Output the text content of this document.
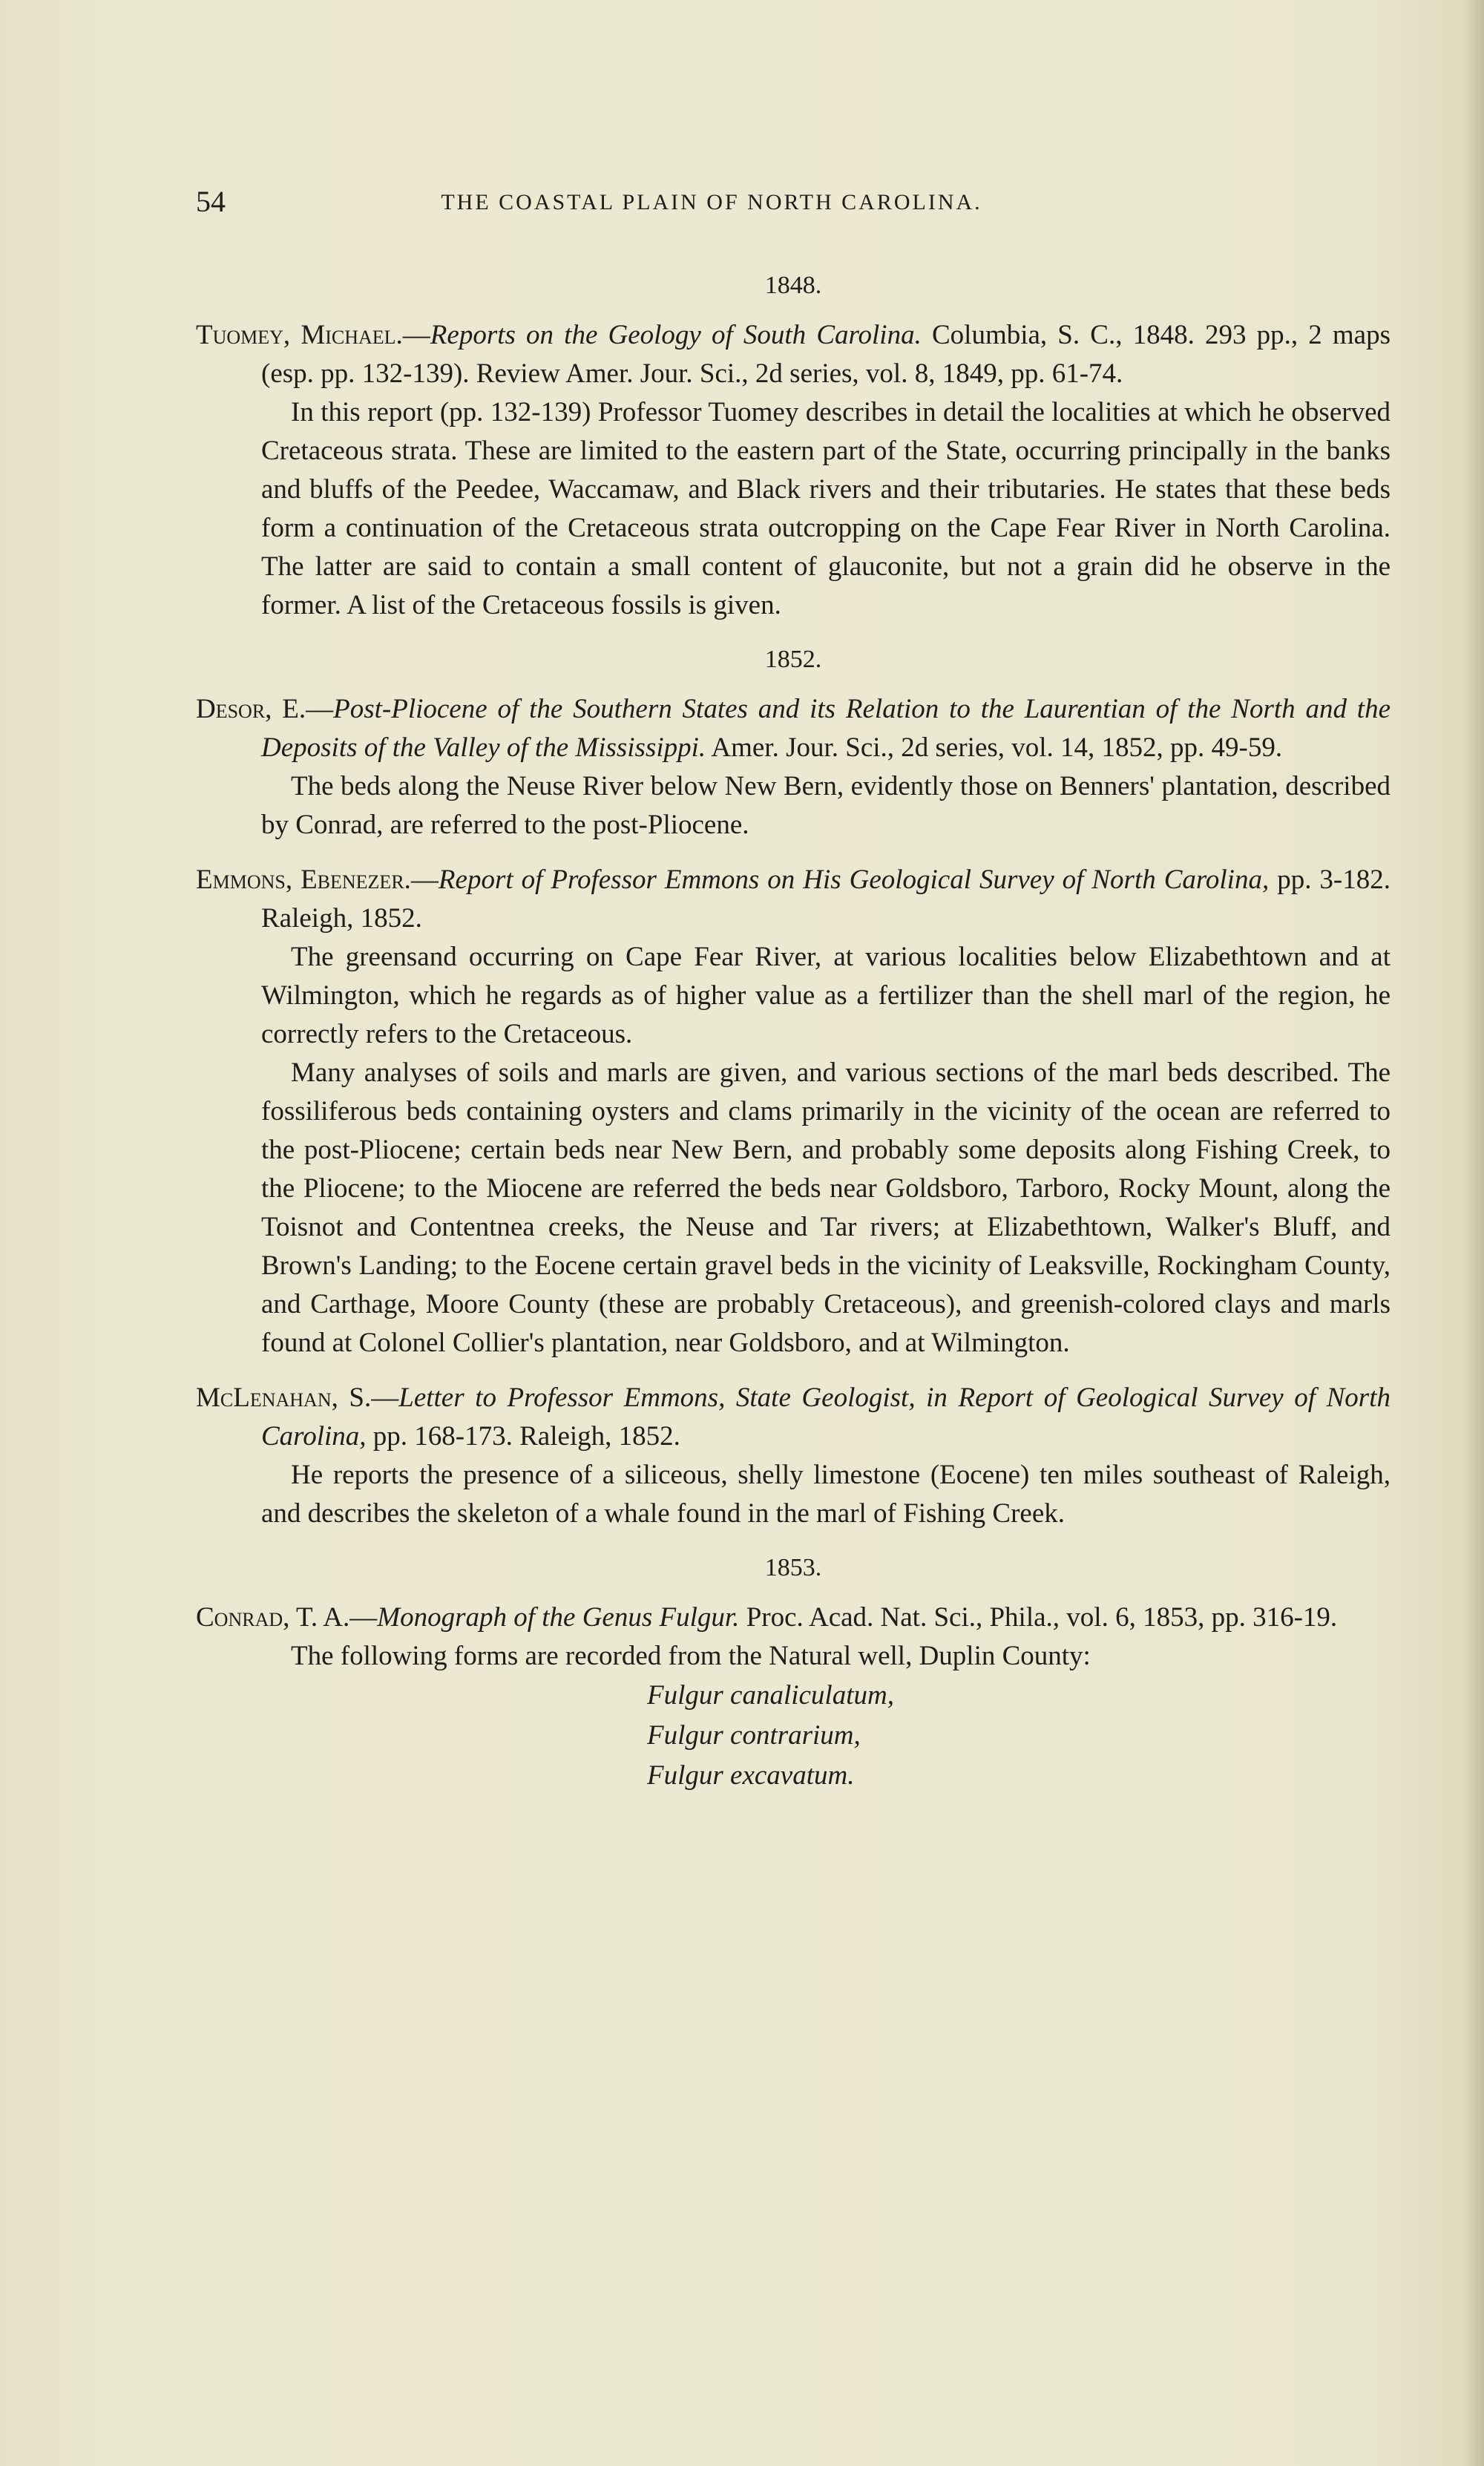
54	THE COASTAL PLAIN OF NORTH CAROLINA.
1848.
Tuomey, Michael.—Reports on the Geology of South Carolina. Columbia, S. C., 1848. 293 pp., 2 maps (esp. pp. 132-139). Review Amer. Jour. Sci., 2d series, vol. 8, 1849, pp. 61-74.
In this report (pp. 132-139) Professor Tuomey describes in detail the localities at which he observed Cretaceous strata. These are limited to the eastern part of the State, occurring principally in the banks and bluffs of the Peedee, Waccamaw, and Black rivers and their tributaries. He states that these beds form a continuation of the Cretaceous strata outcropping on the Cape Fear River in North Carolina. The latter are said to contain a small content of glauconite, but not a grain did he observe in the former. A list of the Cretaceous fossils is given.
1852.
Desor, E.—Post-Pliocene of the Southern States and its Relation to the Laurentian of the North and the Deposits of the Valley of the Mississippi. Amer. Jour. Sci., 2d series, vol. 14, 1852, pp. 49-59.
The beds along the Neuse River below New Bern, evidently those on Benners' plantation, described by Conrad, are referred to the post-Pliocene.
Emmons, Ebenezer.—Report of Professor Emmons on His Geological Survey of North Carolina, pp. 3-182. Raleigh, 1852.
The greensand occurring on Cape Fear River, at various localities below Elizabethtown and at Wilmington, which he regards as of higher value as a fertilizer than the shell marl of the region, he correctly refers to the Cretaceous.
Many analyses of soils and marls are given, and various sections of the marl beds described. The fossiliferous beds containing oysters and clams primarily in the vicinity of the ocean are referred to the post-Pliocene; certain beds near New Bern, and probably some deposits along Fishing Creek, to the Pliocene; to the Miocene are referred the beds near Goldsboro, Tarboro, Rocky Mount, along the Toisnot and Contentnea creeks, the Neuse and Tar rivers; at Elizabethtown, Walker's Bluff, and Brown's Landing; to the Eocene certain gravel beds in the vicinity of Leaksville, Rockingham County, and Carthage, Moore County (these are probably Cretaceous), and greenish-colored clays and marls found at Colonel Collier's plantation, near Goldsboro, and at Wilmington.
McLenahan, S.—Letter to Professor Emmons, State Geologist, in Report of Geological Survey of North Carolina, pp. 168-173. Raleigh, 1852.
He reports the presence of a siliceous, shelly limestone (Eocene) ten miles southeast of Raleigh, and describes the skeleton of a whale found in the marl of Fishing Creek.
1853.
Conrad, T. A.—Monograph of the Genus Fulgur. Proc. Acad. Nat. Sci., Phila., vol. 6, 1853, pp. 316-19.
The following forms are recorded from the Natural well, Duplin County:
Fulgur canaliculatum,
Fulgur contrarium,
Fulgur excavatum.
